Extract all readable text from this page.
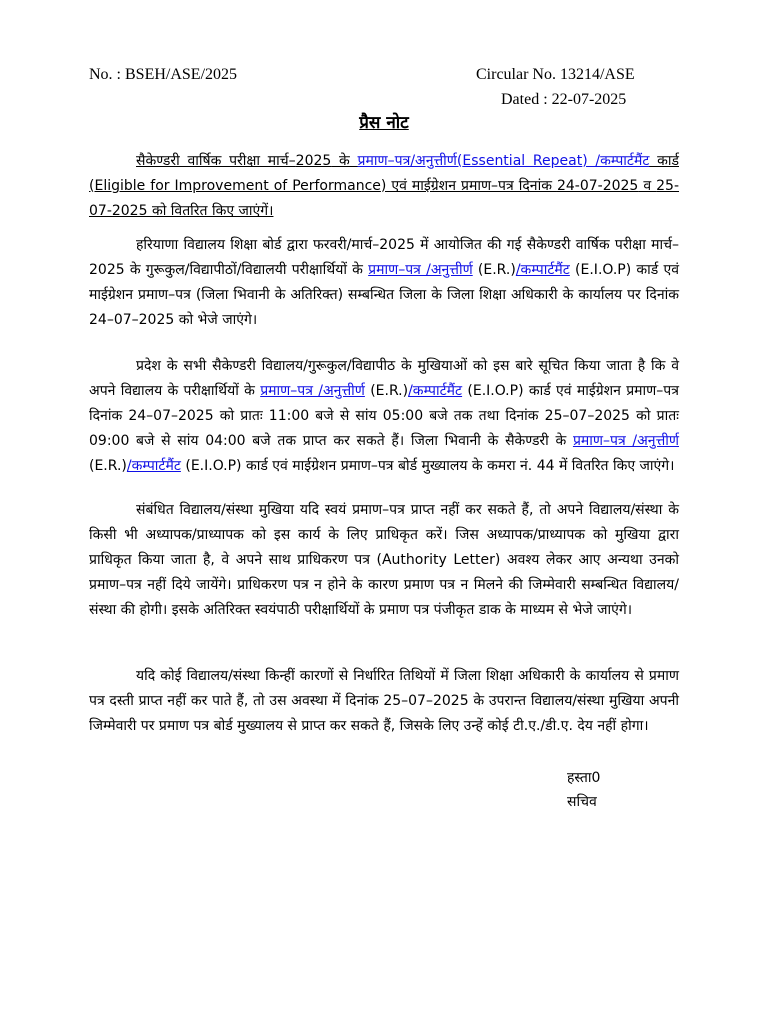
No. : BSEH/ASE/2025	Circular No. 13214/ASE
Dated : 22-07-2025
प्रैस नोट

सैकेण्डरी वार्षिक परीक्षा मार्च–2025 के प्रमाण–पत्र/अनुत्तीर्ण(Essential Repeat) /कम्पार्टमैंट कार्ड (Eligible for Improvement of Performance) एवं माईग्रेशन प्रमाण–पत्र दिनांक 24-07-2025 व 25-07-2025 को वितरित किए जाएंगें।

हरियाणा विद्यालय शिक्षा बोर्ड द्वारा फरवरी/मार्च–2025 में आयोजित की गई सैकेण्डरी वार्षिक परीक्षा मार्च–2025 के गुरूकुल/विद्यापीठों/विद्यालयी परीक्षार्थियों के प्रमाण–पत्र /अनुत्तीर्ण (E.R.)/कम्पार्टमैंट (E.I.O.P) कार्ड एवं माईग्रेशन प्रमाण–पत्र (जिला भिवानी के अतिरिक्त) सम्बन्धित जिला के जिला शिक्षा अधिकारी के कार्यालय पर दिनांक 24–07–2025 को भेजे जाएंगे।

प्रदेश के सभी सैकेण्डरी विद्यालय/गुरूकुल/विद्यापीठ के मुखियाओं को इस बारे सूचित किया जाता है कि वे अपने विद्यालय के परीक्षार्थियों के प्रमाण–पत्र /अनुत्तीर्ण (E.R.)/कम्पार्टमैंट (E.I.O.P) कार्ड एवं माईग्रेशन प्रमाण–पत्र दिनांक 24–07–2025 को प्रातः 11:00 बजे से सांय 05:00 बजे तक तथा दिनांक 25–07–2025 को प्रातः 09:00 बजे से सांय 04:00 बजे तक प्राप्त कर सकते हैं। जिला भिवानी के सैकेण्डरी के प्रमाण–पत्र /अनुत्तीर्ण (E.R.)/कम्पार्टमैंट (E.I.O.P) कार्ड एवं माईग्रेशन प्रमाण–पत्र बोर्ड मुख्यालय के कमरा नं. 44 में वितरित किए जाएंगे।

संबंधित विद्यालय/संस्था मुखिया यदि स्वयं प्रमाण–पत्र प्राप्त नहीं कर सकते हैं, तो अपने विद्यालय/संस्था के किसी भी अध्यापक/प्राध्यापक को इस कार्य के लिए प्राधिकृत करें। जिस अध्यापक/प्राध्यापक को मुखिया द्वारा प्राधिकृत किया जाता है, वे अपने साथ प्राधिकरण पत्र (Authority Letter) अवश्य लेकर आए अन्यथा उनको प्रमाण–पत्र नहीं दिये जायेंगे। प्राधिकरण पत्र न होने के कारण प्रमाण पत्र न मिलने की जिम्मेवारी सम्बन्धित विद्यालय/संस्था की होगी। इसके अतिरिक्त स्वयंपाठी परीक्षार्थियों के प्रमाण पत्र पंजीकृत डाक के माध्यम से भेजे जाएंगे।

यदि कोई विद्यालय/संस्था किन्हीं कारणों से निर्धारित तिथियों में जिला शिक्षा अधिकारी के कार्यालय से प्रमाण पत्र दस्ती प्राप्त नहीं कर पाते हैं, तो उस अवस्था में दिनांक 25–07–2025 के उपरान्त विद्यालय/संस्था मुखिया अपनी जिम्मेवारी पर प्रमाण पत्र बोर्ड मुख्यालय से प्राप्त कर सकते हैं, जिसके लिए उन्हें कोई टी.ए./डी.ए. देय नहीं होगा।

हस्ता0
सचिव
